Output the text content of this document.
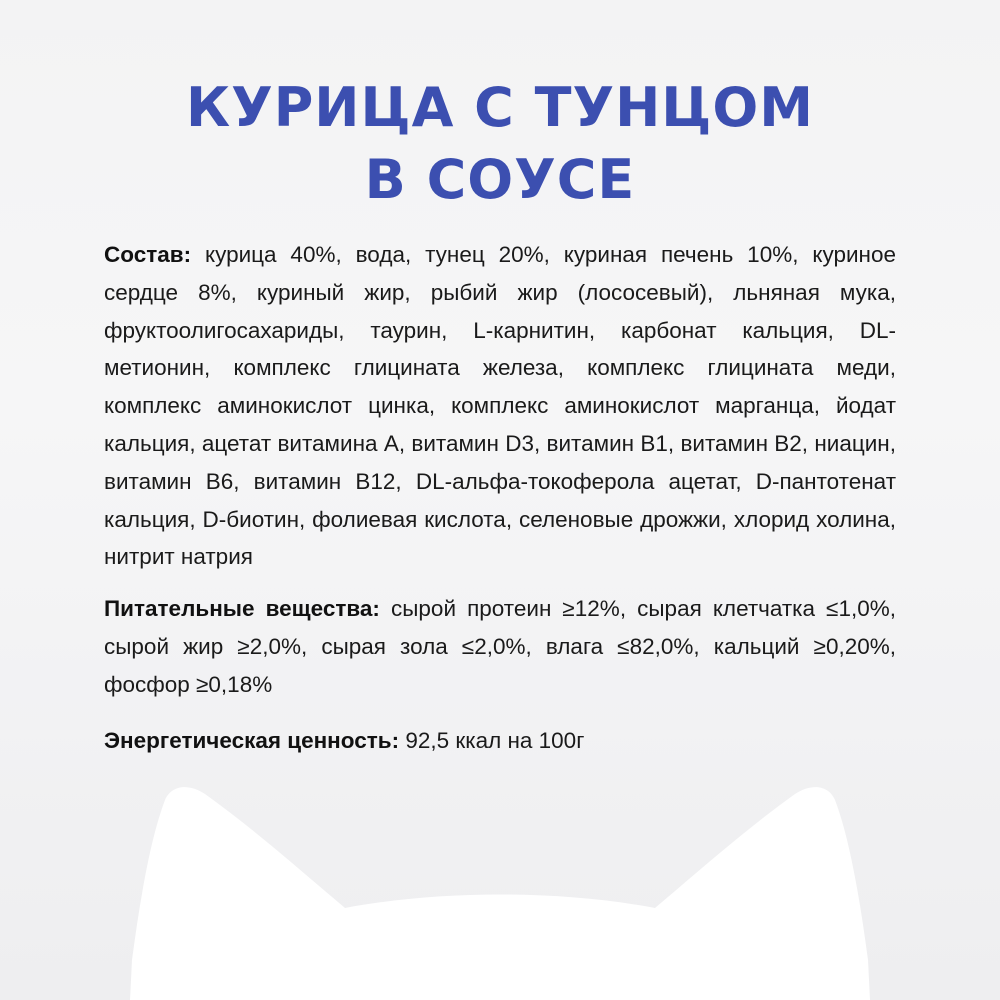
КУРИЦА С ТУНЦОМ
В СОУСЕ

Состав: курица 40%, вода, тунец 20%, куриная печень 10%, куриное сердце 8%, куриный жир, рыбий жир (лососевый), льняная мука, фруктоолигосахариды, таурин, L-карнитин, карбонат кальция, DL-метионин, комплекс глицината железа, комплекс глицината меди, комплекс аминокислот цинка, комплекс аминокислот марганца, йодат кальция, ацетат витамина А, витамин D3, витамин В1, витамин В2, ниацин, витамин В6, витамин В12, DL-альфа-токоферола ацетат, D-пантотенат кальция, D-биотин, фолиевая кислота, селеновые дрожжи, хлорид холина, нитрит натрия

Питательные вещества: сырой протеин ≥12%, сырая клетчатка ≤1,0%, сырой жир ≥2,0%, сырая зола ≤2,0%, влага ≤82,0%, кальций ≥0,20%, фосфор ≥0,18%

Энергетическая ценность: 92,5 ккал на 100г
